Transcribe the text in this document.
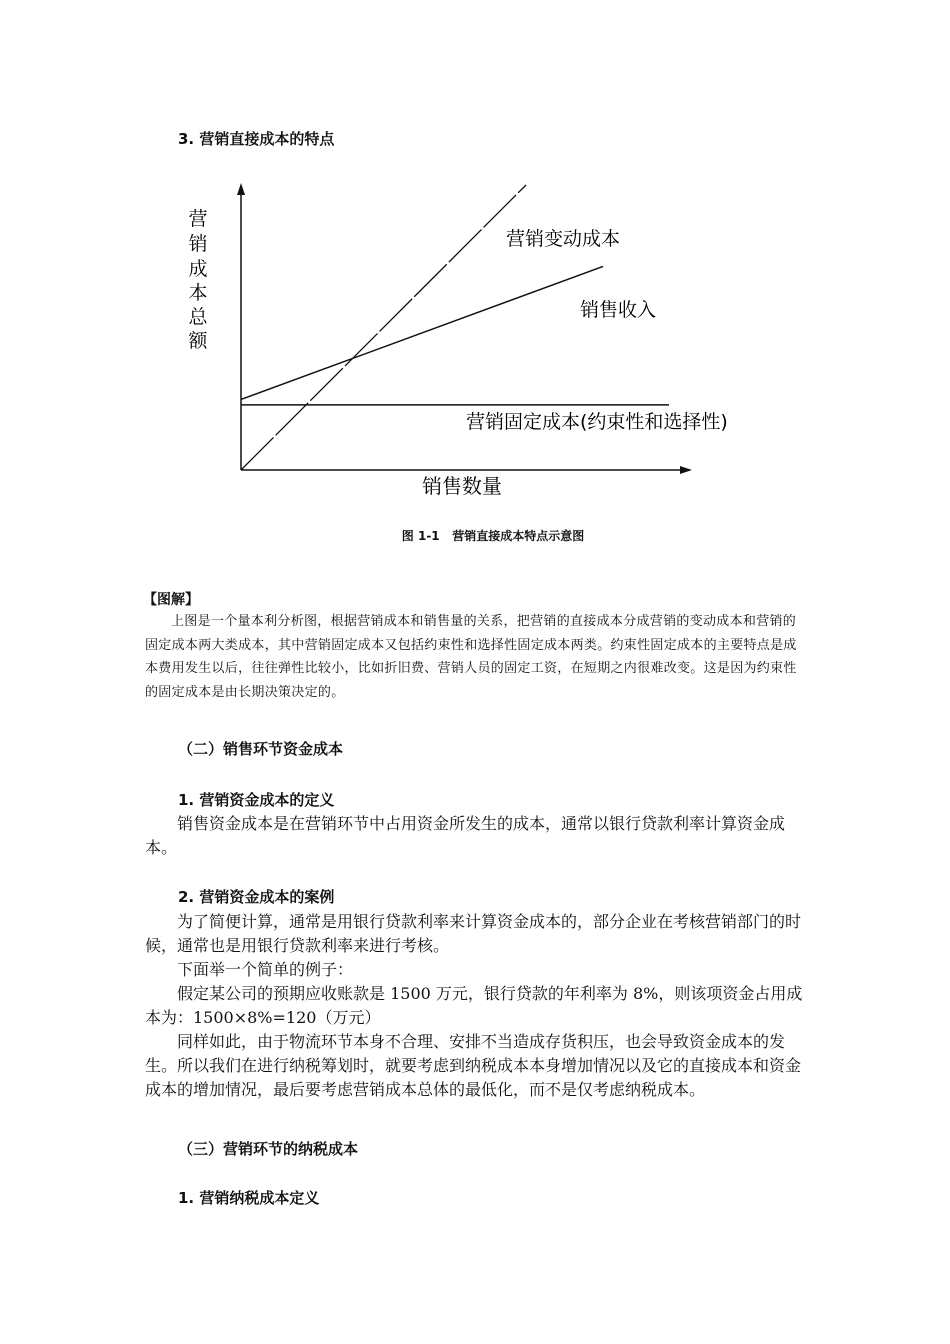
3. 营销直接成本的特点
营
销
成
本
总
额
营销变动成本
销售收入
营销固定成本(约束性和选择性)
销售数量
图 1-1   营销直接成本特点示意图
【图解】
上图是一个量本利分析图，根据营销成本和销售量的关系，把营销的直接成本分成营销的变动成本和营销的固定成本两大类成本，其中营销固定成本又包括约束性和选择性固定成本两类。约束性固定成本的主要特点是成本费用发生以后，往往弹性比较小，比如折旧费、营销人员的固定工资，在短期之内很难改变。这是因为约束性的固定成本是由长期决策决定的。
（二）销售环节资金成本
1. 营销资金成本的定义
销售资金成本是在营销环节中占用资金所发生的成本，通常以银行贷款利率计算资金成本。
2. 营销资金成本的案例
为了简便计算，通常是用银行贷款利率来计算资金成本的，部分企业在考核营销部门的时候，通常也是用银行贷款利率来进行考核。
下面举一个简单的例子：
假定某公司的预期应收账款是 1500 万元，银行贷款的年利率为 8%，则该项资金占用成本为：1500×8%=120（万元）
同样如此，由于物流环节本身不合理、安排不当造成存货积压，也会导致资金成本的发生。所以我们在进行纳税筹划时，就要考虑到纳税成本本身增加情况以及它的直接成本和资金成本的增加情况，最后要考虑营销成本总体的最低化，而不是仅考虑纳税成本。
（三）营销环节的纳税成本
1. 营销纳税成本定义
